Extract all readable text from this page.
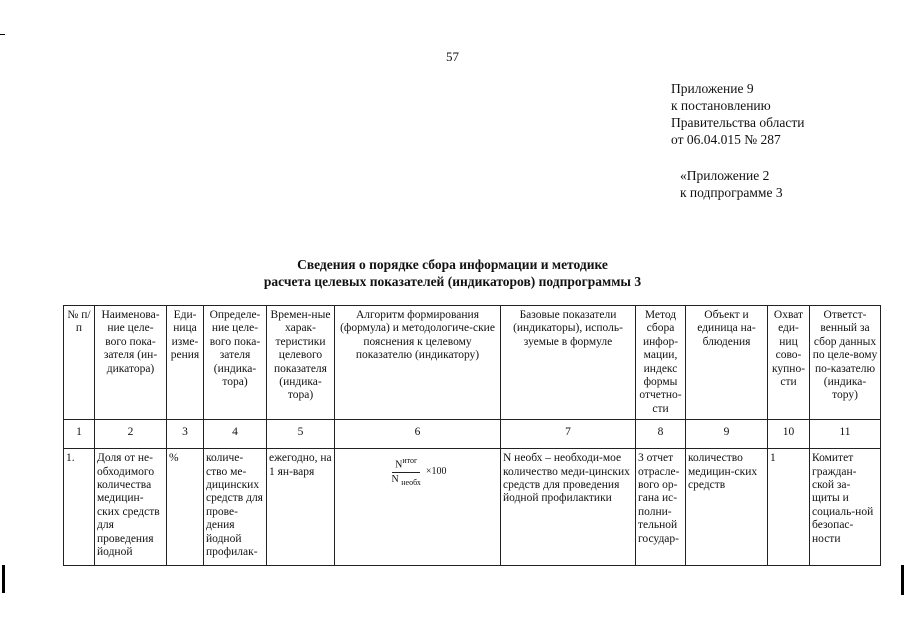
57
Приложение 9
к постановлению
Правительства области
от 06.04.015 № 287
«Приложение 2
к подпрограмме 3
Сведения о порядке сбора информации и методике
расчета целевых показателей (индикаторов) подпрограммы 3
№ п/п	Наименова-ние целе-вого пока-зателя (ин-дикатора)	Еди-ница изме-рения	Определе-ние целе-вого пока-зателя (индика-тора)	Времен-ные харак-теристики целевого показателя (индика-тора)	Алгоритм формирования (формула) и методологиче-ские пояснения к целевому показателю (индикатору)	Базовые показатели (индикаторы), исполь-зуемые в формуле	Метод сбора инфор-мации, индекс формы отчетно-сти	Объект и единица на-блюдения	Охват еди-ниц сово-купно-сти	Ответст-венный за сбор данных по целе-вому по-казателю (индика-тору)
1	2	3	4	5	6	7	8	9	10	11
1.	Доля от не-обходимого количества медицин-ских средств для проведения йодной	%	количе-ство ме-дицинских средств для прове-дения йодной профилак-	ежегодно, на 1 ян-варя	$\frac{N^{итог}}{N _{необх}} \times 100$	N необх – необходи-мое количество меди-цинских средств для проведения йодной профилактики	3 отчет отрасле-вого ор-гана ис-полни-тельной государ-	количество медицин-ских средств	1	Комитет граждан-ской за-щиты и социаль-ной безопас-ности
